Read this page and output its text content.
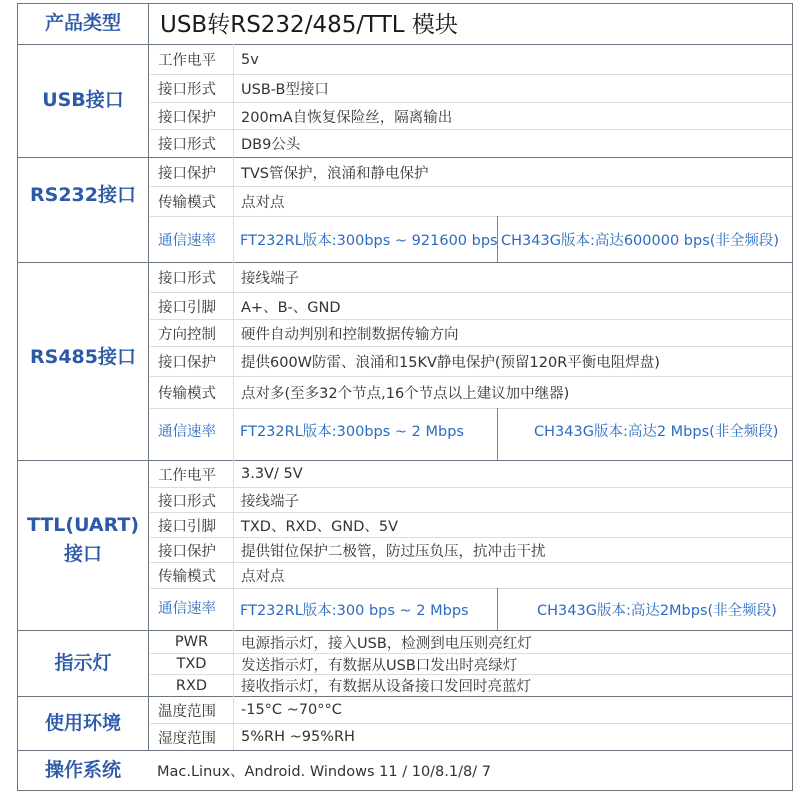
产品类型	USB转RS232/485/TTL 模块
USB接口
工作电平 5v
接口形式 USB-B型接口
接口保护 200mA自恢复保险丝，隔离输出
接口形式 DB9公头
RS232接口
接口保护 TVS管保护，浪涌和静电保护
传输模式 点对点
通信速率 FT232RL版本:300bps ~ 921600 bps CH343G版本:高达600000 bps(非全频段)
RS485接口
接口形式 接线端子
接口引脚 A+、B-、GND
方向控制 硬件自动判别和控制数据传输方向
接口保护 提供600W防雷、浪涌和15KV静电保护(预留120R平衡电阻焊盘)
传输模式 点对多(至多32个节点,16个节点以上建议加中继器)
通信速率 FT232RL版本:300bps ~ 2 Mbps	CH343G版本:高达2 Mbps(非全频段)
TTL(UART)
接口
工作电平 3.3V/ 5V
接口形式 接线端子
接口引脚 TXD、RXD、GND、5V
接口保护 提供钳位保护二极管，防过压负压，抗冲击干扰
传输模式 点对点
通信速率 FT232RL版本:300 bps ~ 2 Mbps	CH343G版本:高达2Mbps(非全频段)
指示灯
PWR	电源指示灯，接入USB，检测到电压则亮红灯
TXD	发送指示灯，有数据从USB口发出时亮绿灯
RXD	接收指示灯，有数据从设备接口发回时亮蓝灯
使用环境
温度范围 -15°C ~70°°C
湿度范围 5%RH ~95%RH
操作系统	Mac.Linux、Android. Windows 11 / 10/8.1/8/ 7
